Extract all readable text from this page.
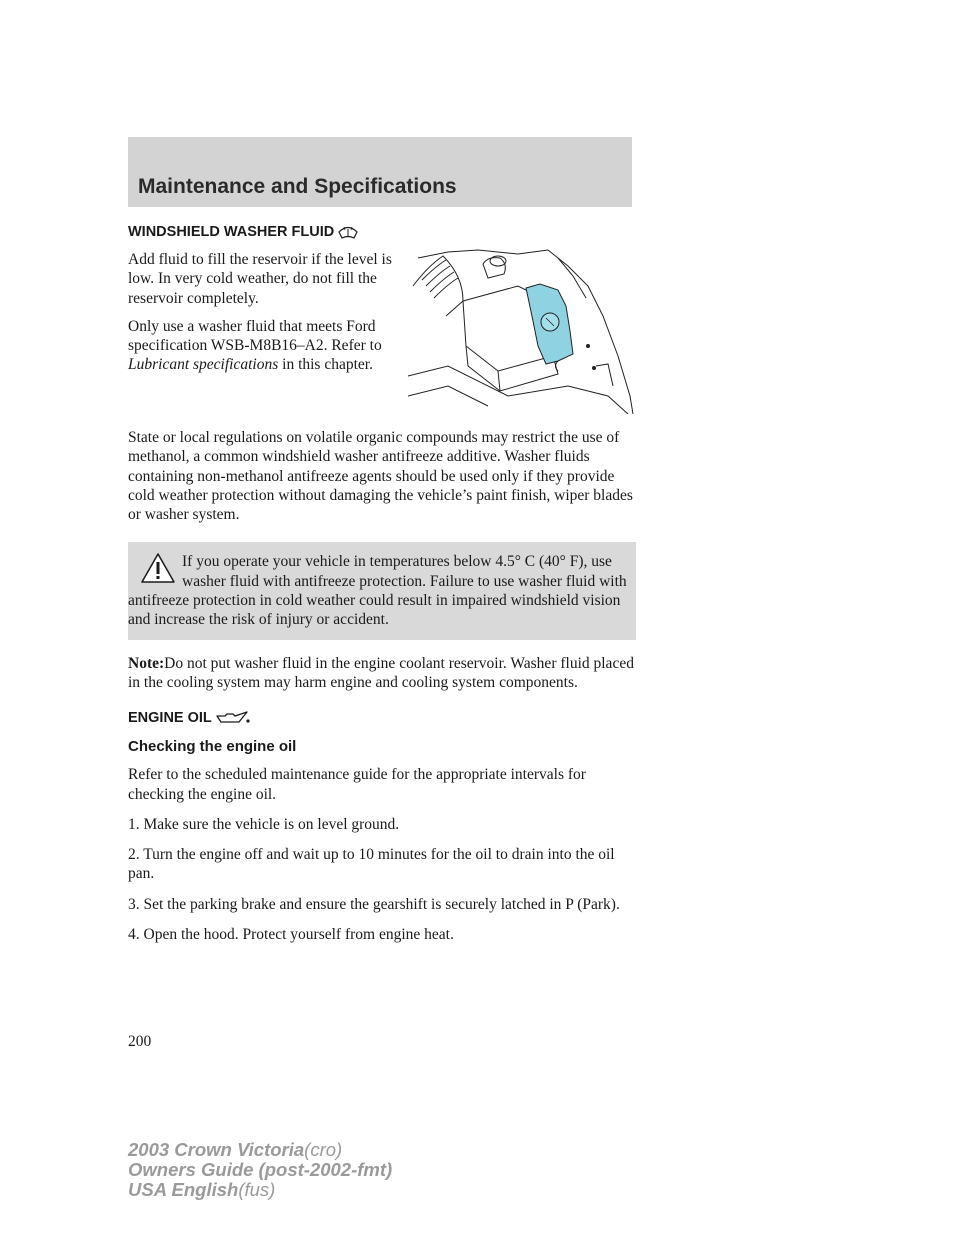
Maintenance and Specifications
WINDSHIELD WASHER FLUID

Add fluid to fill the reservoir if the level is low. In very cold weather, do not fill the reservoir completely.

Only use a washer fluid that meets Ford specification WSB-M8B16–A2. Refer to Lubricant specifications in this chapter.

State or local regulations on volatile organic compounds may restrict the use of methanol, a common windshield washer antifreeze additive. Washer fluids containing non-methanol antifreeze agents should be used only if they provide cold weather protection without damaging the vehicle’s paint finish, wiper blades or washer system.

If you operate your vehicle in temperatures below 4.5° C (40° F), use washer fluid with antifreeze protection. Failure to use washer fluid with antifreeze protection in cold weather could result in impaired windshield vision and increase the risk of injury or accident.

Note:Do not put washer fluid in the engine coolant reservoir. Washer fluid placed in the cooling system may harm engine and cooling system components.

ENGINE OIL
Checking the engine oil

Refer to the scheduled maintenance guide for the appropriate intervals for checking the engine oil.

1. Make sure the vehicle is on level ground.

2. Turn the engine off and wait up to 10 minutes for the oil to drain into the oil pan.

3. Set the parking brake and ensure the gearshift is securely latched in P (Park).

4. Open the hood. Protect yourself from engine heat.

200

2003 Crown Victoria(cro)
Owners Guide (post-2002-fmt)
USA English(fus)
